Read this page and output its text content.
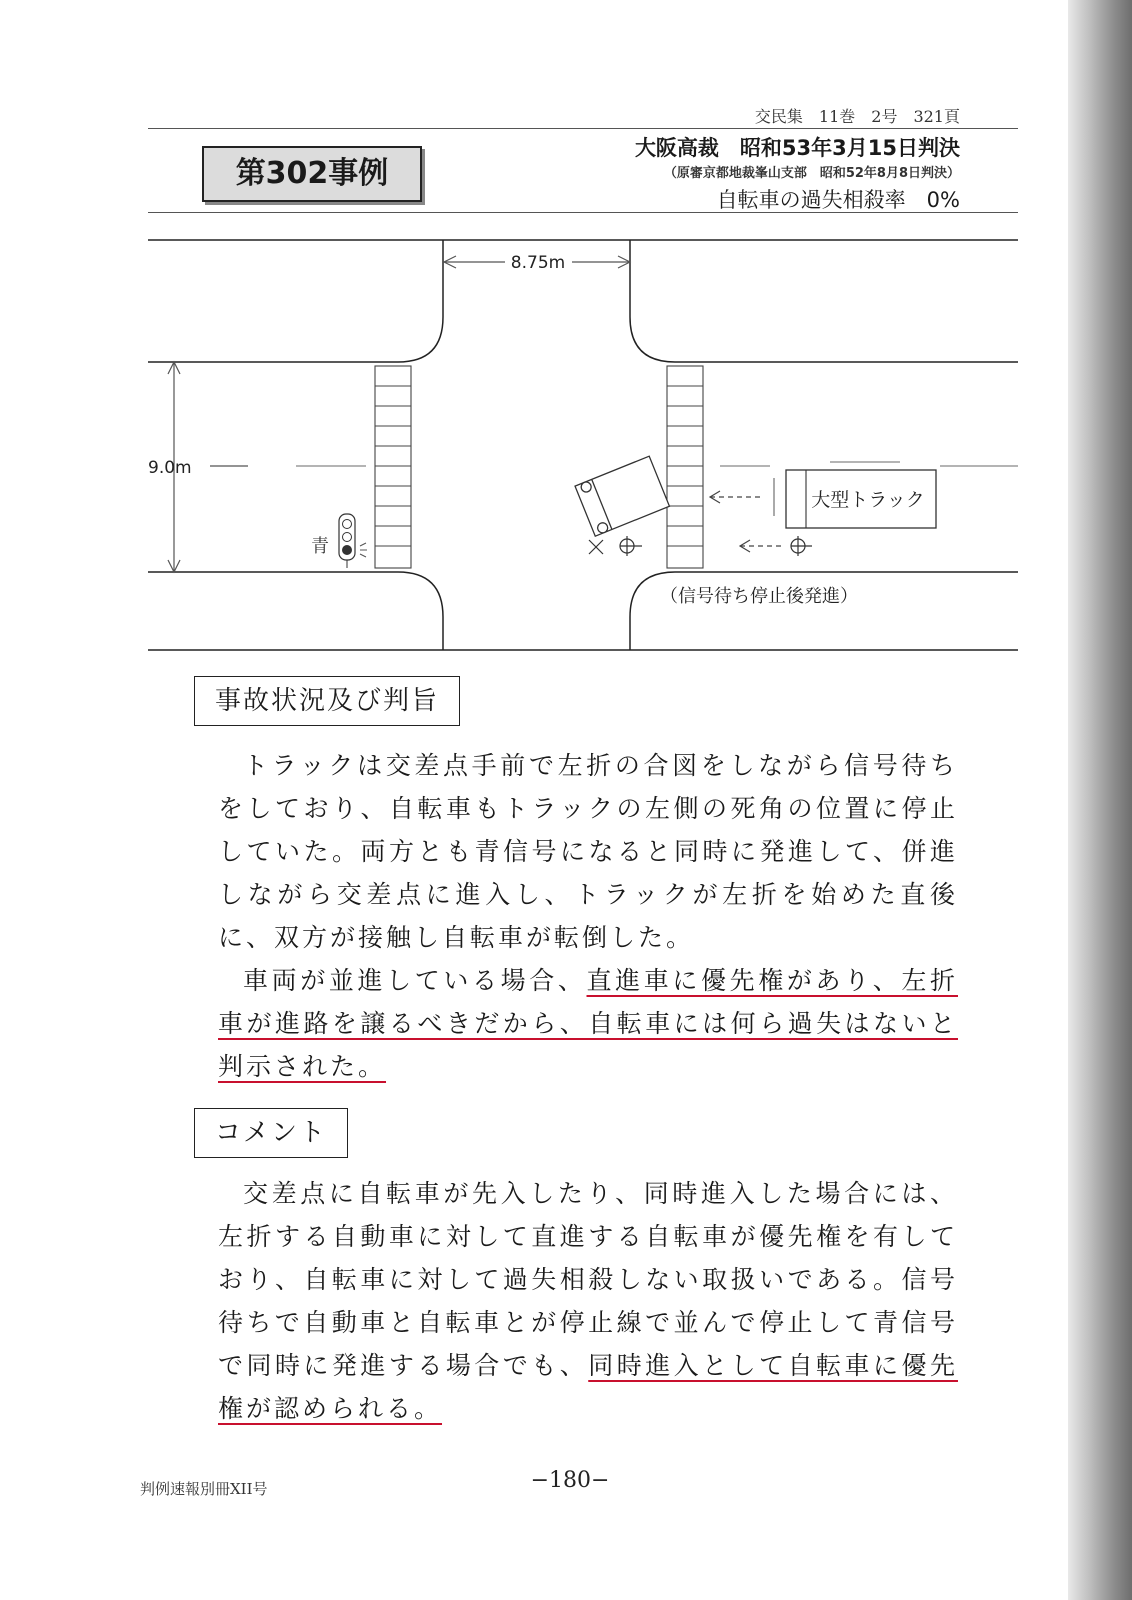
交民集　11巻　2号　321頁
第302事例
大阪高裁　昭和53年3月15日判決
（原審京都地裁峯山支部　昭和52年8月8日判決）
自転車の過失相殺率　0%
8.75m
9.0m
青
大型トラック
（信号待ち停止後発進）
事故状況及び判旨

トラックは交差点手前で左折の合図をしながら信号待ちをしており、自転車もトラックの左側の死角の位置に停止していた。両方とも青信号になると同時に発進して、併進しながら交差点に進入し、トラックが左折を始めた直後に、双方が接触し自転車が転倒した。

車両が並進している場合、直進車に優先権があり、左折車が進路を譲るべきだから、自転車には何ら過失はないと判示された。

コメント

交差点に自転車が先入したり、同時進入した場合には、左折する自動車に対して直進する自転車が優先権を有しており、自転車に対して過失相殺しない取扱いである。信号待ちで自動車と自転車とが停止線で並んで停止して青信号で同時に発進する場合でも、同時進入として自転車に優先権が認められる。

判例速報別冊XII号	−180−
